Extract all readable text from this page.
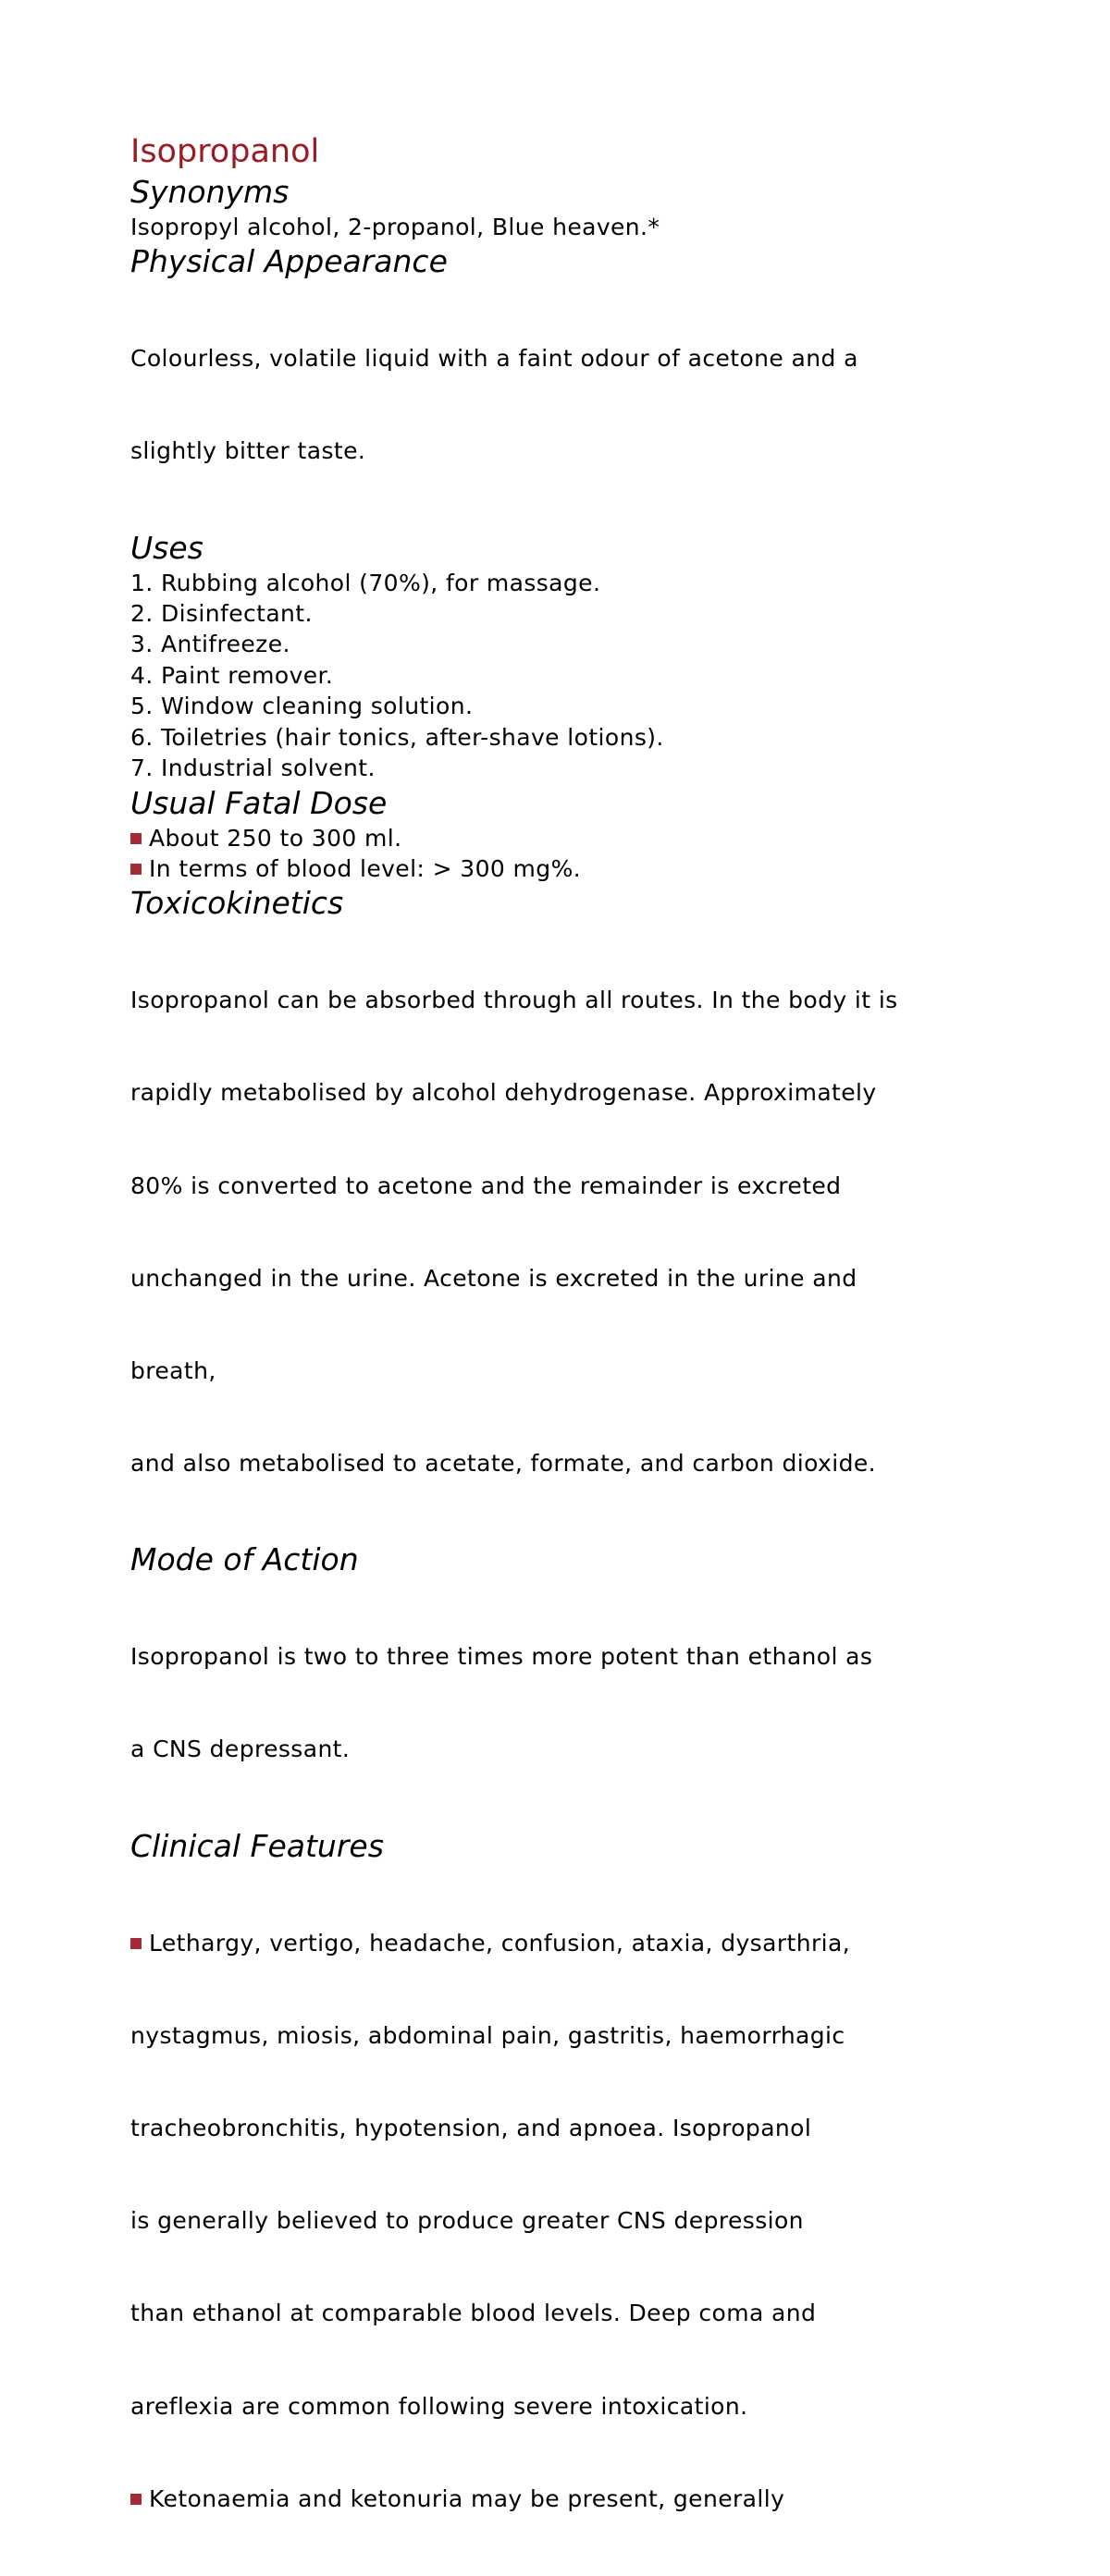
Isopropanol
Synonyms

Isopropyl alcohol, 2-propanol, Blue heaven.*

Physical Appearance

Colourless, volatile liquid with a faint odour of acetone and a

slightly bitter taste.

Uses
1. Rubbing alcohol (70%), for massage.
2. Disinfectant.
3. Antifreeze.
4. Paint remover.
5. Window cleaning solution.
6. Toiletries (hair tonics, after-shave lotions).
7. Industrial solvent.
Usual Fatal Dose
About 250 to 300 ml.
In terms of blood level: > 300 mg%.
Toxicokinetics

Isopropanol can be absorbed through all routes. In the body it is

rapidly metabolised by alcohol dehydrogenase. Approximately

80% is converted to acetone and the remainder is excreted

unchanged in the urine. Acetone is excreted in the urine and

breath,

and also metabolised to acetate, formate, and carbon dioxide.

Mode of Action

Isopropanol is two to three times more potent than ethanol as

a CNS depressant.

Clinical Features

Lethargy, vertigo, headache, confusion, ataxia, dysarthria,

nystagmus, miosis, abdominal pain, gastritis, haemorrhagic

tracheobronchitis, hypotension, and apnoea. Isopropanol

is generally believed to produce greater CNS depression

than ethanol at comparable blood levels. Deep coma and

areflexia are common following severe intoxication.

Ketonaemia and ketonuria may be present, generally
